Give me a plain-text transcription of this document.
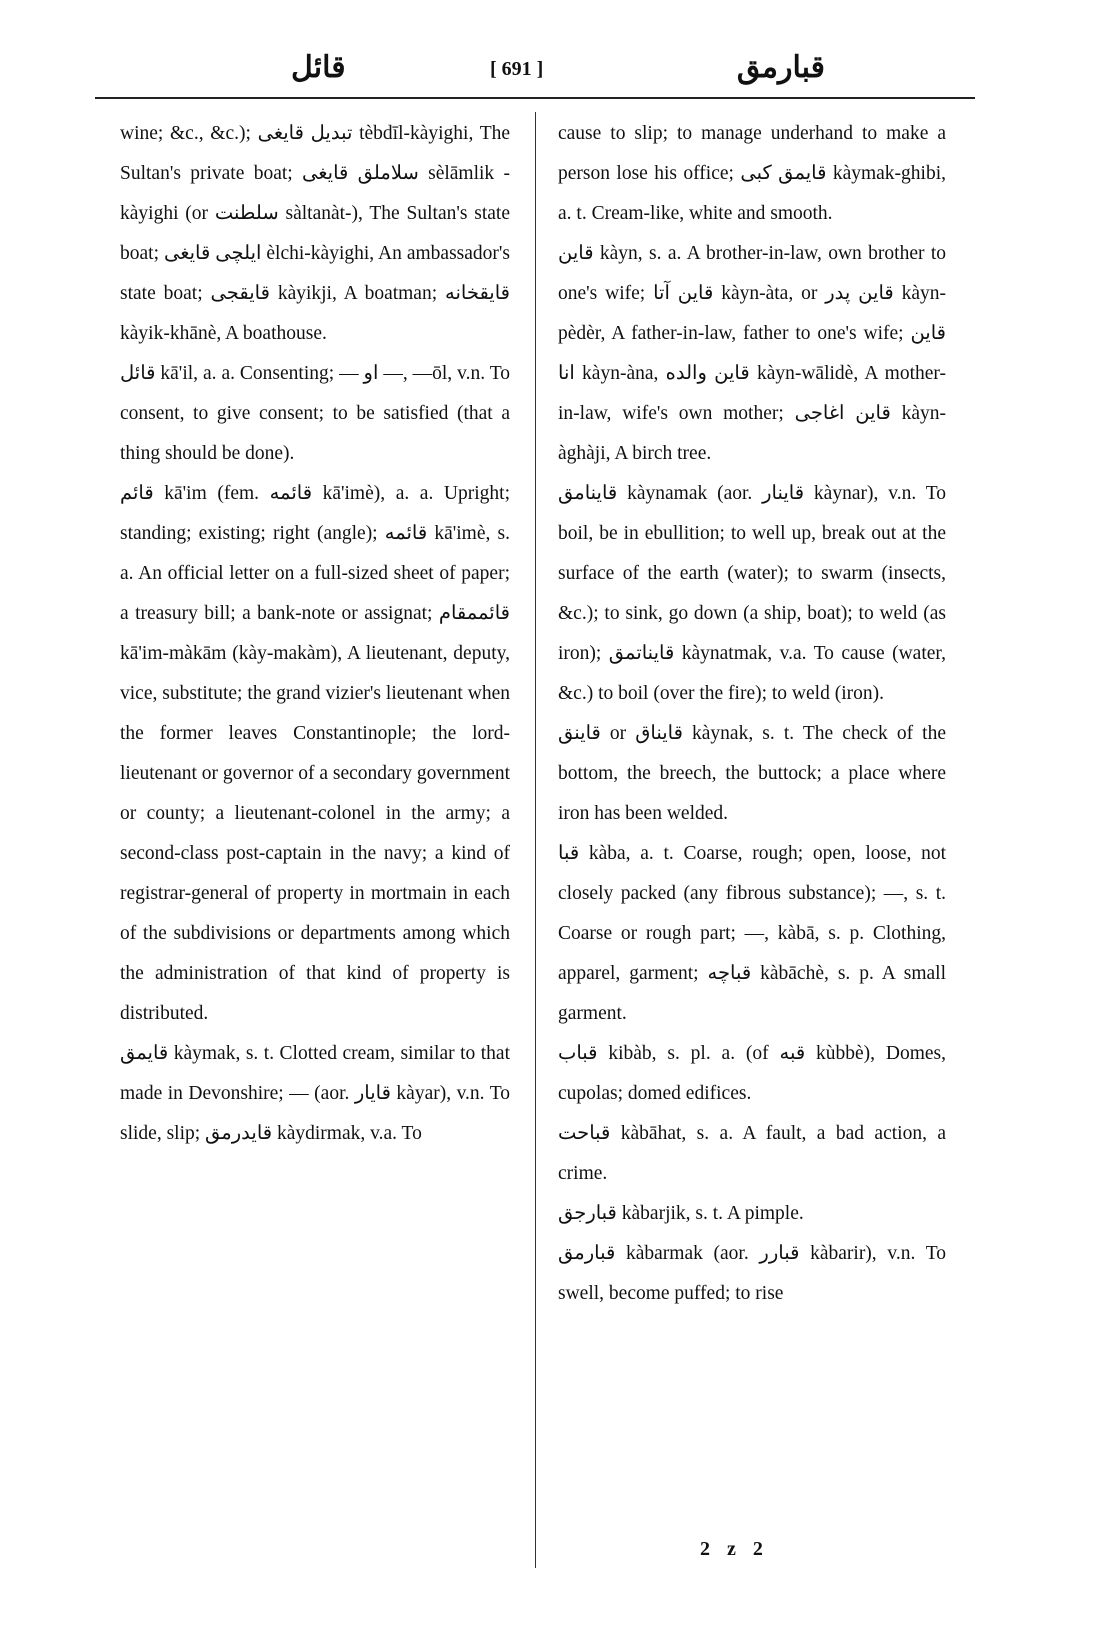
قائل	[ 691 ]	قبارمق

wine; &c., &c.); تبدیل قایغی tèbdīl-kàyighi, The Sultan's private boat; سلاملق قایغی sèlāmlik - kàyighi (or سلطنت sàltanàt-), The Sultan's state boat; ایلچی قایغی èlchi-kàyighi, An ambassador's state boat; قایقجی kàyikji, A boatman; قایقخانه kàyik-khānè, A boathouse.

قائل kā'il, a. a. Consenting; — او —, —ōl, v.n. To consent, to give consent; to be satisfied (that a thing should be done).

قائم kā'im (fem. قائمه kā'imè), a. a. Upright; standing; existing; right (angle); قائمه kā'imè, s. a. An official letter on a full-sized sheet of paper; a treasury bill; a bank-note or assignat; قائممقام kā'im-màkām (kày-makàm), A lieutenant, deputy, vice, substitute; the grand vizier's lieutenant when the former leaves Constantinople; the lord-lieutenant or governor of a secondary government or county; a lieutenant-colonel in the army; a second-class post-captain in the navy; a kind of registrar-general of property in mortmain in each of the subdivisions or departments among which the administration of that kind of property is distributed.

قایمق kàymak, s. t. Clotted cream, similar to that made in Devonshire; — (aor. قایار kàyar), v.n. To slide, slip; قایدرمق kàydirmak, v.a. To

cause to slip; to manage underhand to make a person lose his office; قایمق کبی kàymak-ghibi, a. t. Cream-like, white and smooth.

قاین kàyn, s. a. A brother-in-law, own brother to one's wife; قاین آتا kàyn-àta, or قاین پدر kàyn-pèdèr, A father-in-law, father to one's wife; قاین انا kàyn-àna, قاین والده kàyn-wālidè, A mother-in-law, wife's own mother; قاین اغاجی kàyn-àghàji, A birch tree.

قاینامق kàynamak (aor. قاینار kàynar), v.n. To boil, be in ebullition; to well up, break out at the surface of the earth (water); to swarm (insects, &c.); to sink, go down (a ship, boat); to weld (as iron); قایناتمق kàynatmak, v.a. To cause (water, &c.) to boil (over the fire); to weld (iron).

قاینق or قایناق kàynak, s. t. The check of the bottom, the breech, the buttock; a place where iron has been welded.

قبا kàba, a. t. Coarse, rough; open, loose, not closely packed (any fibrous substance); —, s. t. Coarse or rough part; —, kàbā, s. p. Clothing, apparel, garment; قباچه kàbāchè, s. p. A small garment.

قباب kibàb, s. pl. a. (of قبه kùbbè), Domes, cupolas; domed edifices.

قباحت kàbāhat, s. a. A fault, a bad action, a crime.

قبارجق kàbarjik, s. t. A pimple.

قبارمق kàbarmak (aor. قبارر kàbarir), v.n. To swell, become puffed; to rise

2 z 2
